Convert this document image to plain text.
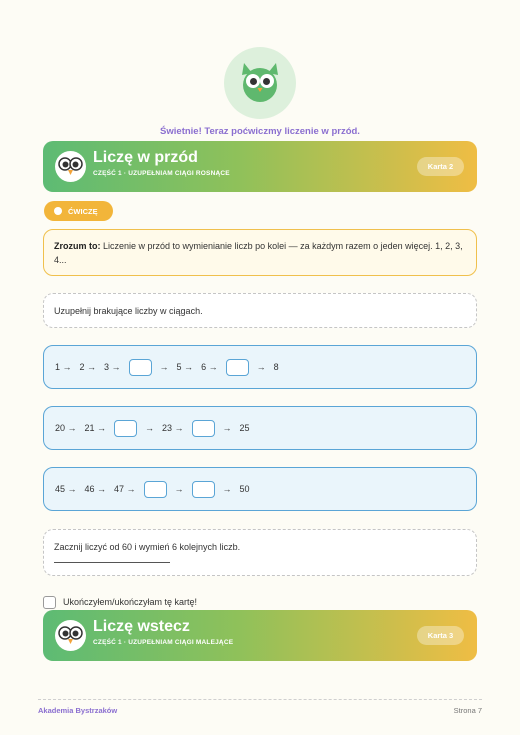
Świetnie! Teraz poćwiczmy liczenie w przód.
Liczę w przód
CZĘŚĆ 1 · UZUPEŁNIAM CIĄGI ROSNĄCE
Karta 2
ĆWICZĘ
Zrozum to: Liczenie w przód to wymienianie liczb po kolei — za każdym razem o jeden więcej. 1, 2, 3, 4...
Uzupełnij brakujące liczby w ciągach.
1 → 2 → 3 →	→ 5 → 6 →	→ 8
20 → 21 →	→ 23 →	→ 25
45 → 46 → 47 →	→	→ 50
Zacznij liczyć od 60 i wymień 6 kolejnych liczb.
Ukończyłem/ukończyłam tę kartę!
Liczę wstecz
CZĘŚĆ 1 · UZUPEŁNIAM CIĄGI MALEJĄCE
Karta 3
Akademia Bystrzaków	Strona 7
